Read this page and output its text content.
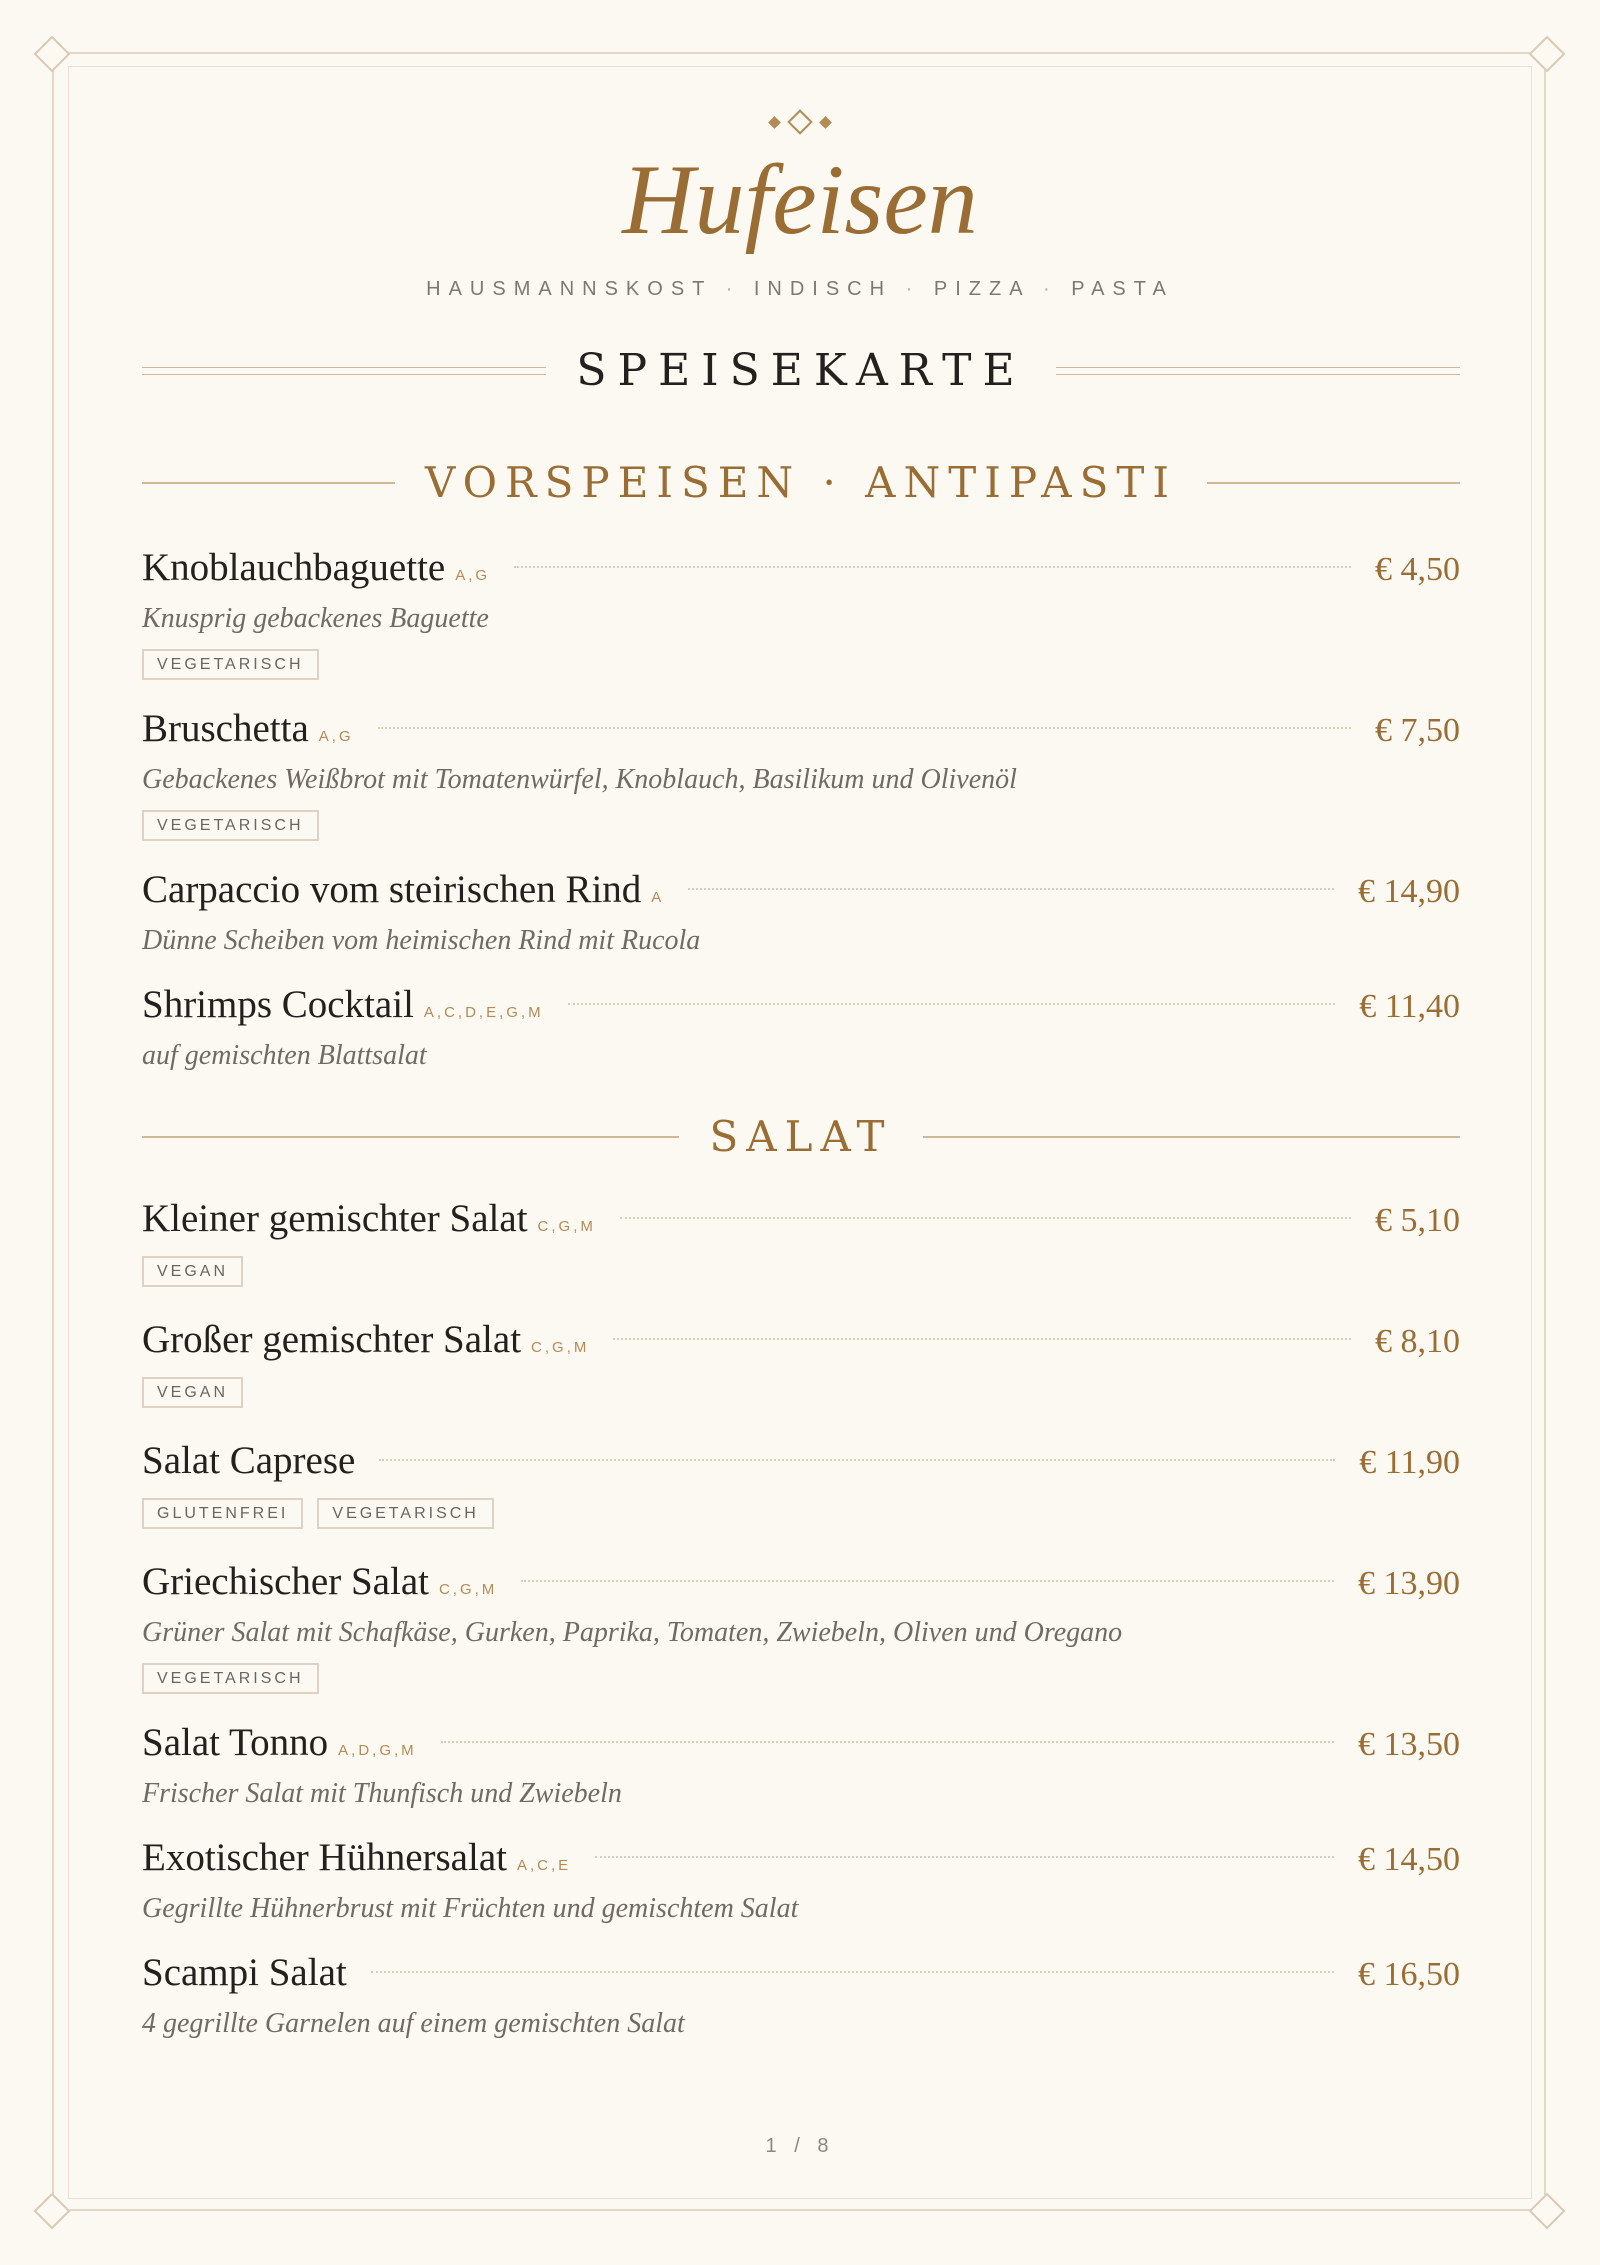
Hufeisen
HAUSMANNSKOST · INDISCH · PIZZA · PASTA
SPEISEKARTE
VORSPEISEN · ANTIPASTI
Knoblauchbaguette A,G	€ 4,50
Knusprig gebackenes Baguette
VEGETARISCH
Bruschetta A,G	€ 7,50
Gebackenes Weißbrot mit Tomatenwürfel, Knoblauch, Basilikum und Olivenöl
VEGETARISCH
Carpaccio vom steirischen Rind A	€ 14,90
Dünne Scheiben vom heimischen Rind mit Rucola
Shrimps Cocktail A,C,D,E,G,M	€ 11,40
auf gemischten Blattsalat
SALAT
Kleiner gemischter Salat C,G,M	€ 5,10
VEGAN
Großer gemischter Salat C,G,M	€ 8,10
VEGAN
Salat Caprese	€ 11,90
GLUTENFREI	VEGETARISCH
Griechischer Salat C,G,M	€ 13,90
Grüner Salat mit Schafkäse, Gurken, Paprika, Tomaten, Zwiebeln, Oliven und Oregano
VEGETARISCH
Salat Tonno A,D,G,M	€ 13,50
Frischer Salat mit Thunfisch und Zwiebeln
Exotischer Hühnersalat A,C,E	€ 14,50
Gegrillte Hühnerbrust mit Früchten und gemischtem Salat
Scampi Salat	€ 16,50
4 gegrillte Garnelen auf einem gemischten Salat
1 / 8
